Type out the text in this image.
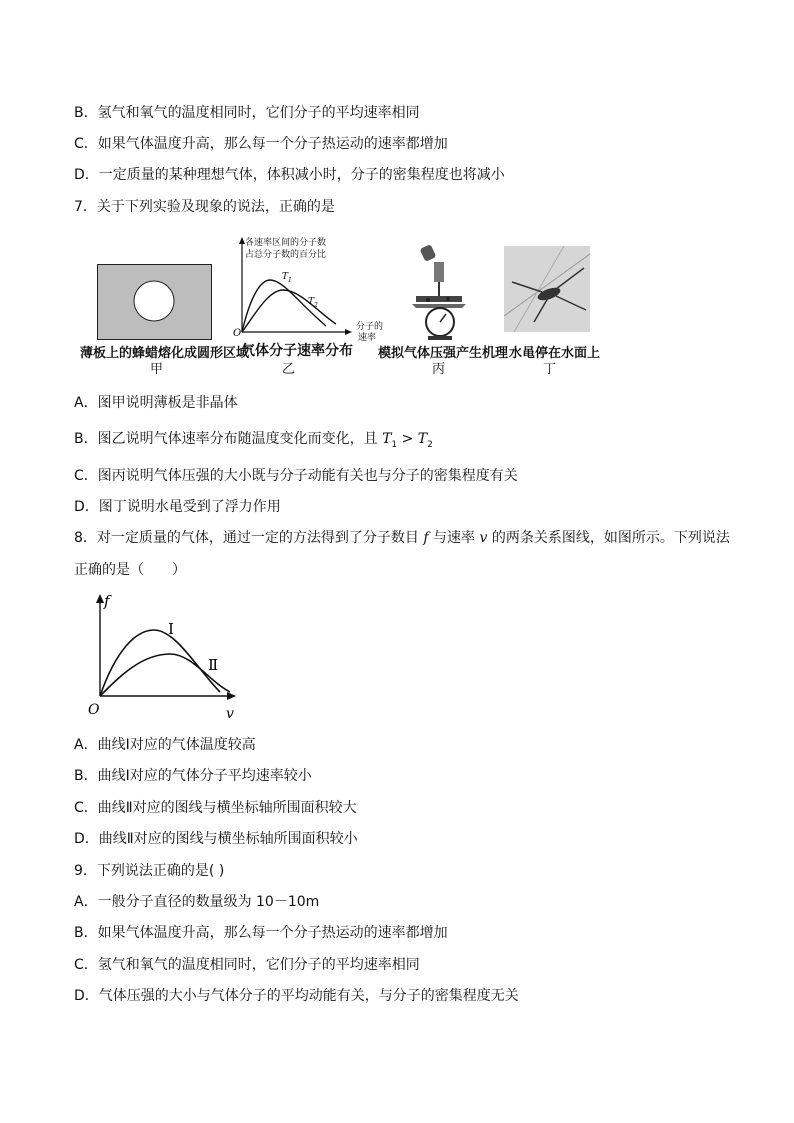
B．氢气和氧气的温度相同时，它们分子的平均速率相同
C．如果气体温度升高，那么每一个分子热运动的速率都增加
D．一定质量的某种理想气体，体积减小时，分子的密集程度也将减小
7．关于下列实验及现象的说法，正确的是
薄板上的蜂蜡熔化成圆形区域
甲
O
$T_1$
$T_2$
各速率区间的分子数
占总分子数的百分比
分子的
速率
气体分子速率分布
乙
模拟气体压强产生机理
丙
水黾停在水面上
丁
A．图甲说明薄板是非晶体
B．图乙说明气体速率分布随温度变化而变化，且 $T_1 > T_2$
C．图丙说明气体压强的大小既与分子动能有关也与分子的密集程度有关
D．图丁说明水黾受到了浮力作用
8．对一定质量的气体，通过一定的方法得到了分子数目 f 与速率 v 的两条关系图线，如图所示。下列说法
正确的是（　　）
f
v
O
I
Ⅱ
A．曲线Ⅰ对应的气体温度较高
B．曲线Ⅰ对应的气体分子平均速率较小
C．曲线Ⅱ对应的图线与横坐标轴所围面积较大
D．曲线Ⅱ对应的图线与横坐标轴所围面积较小
9．下列说法正确的是( )
A．一般分子直径的数量级为 10－10m
B．如果气体温度升高，那么每一个分子热运动的速率都增加
C．氢气和氧气的温度相同时，它们分子的平均速率相同
D．气体压强的大小与气体分子的平均动能有关，与分子的密集程度无关
